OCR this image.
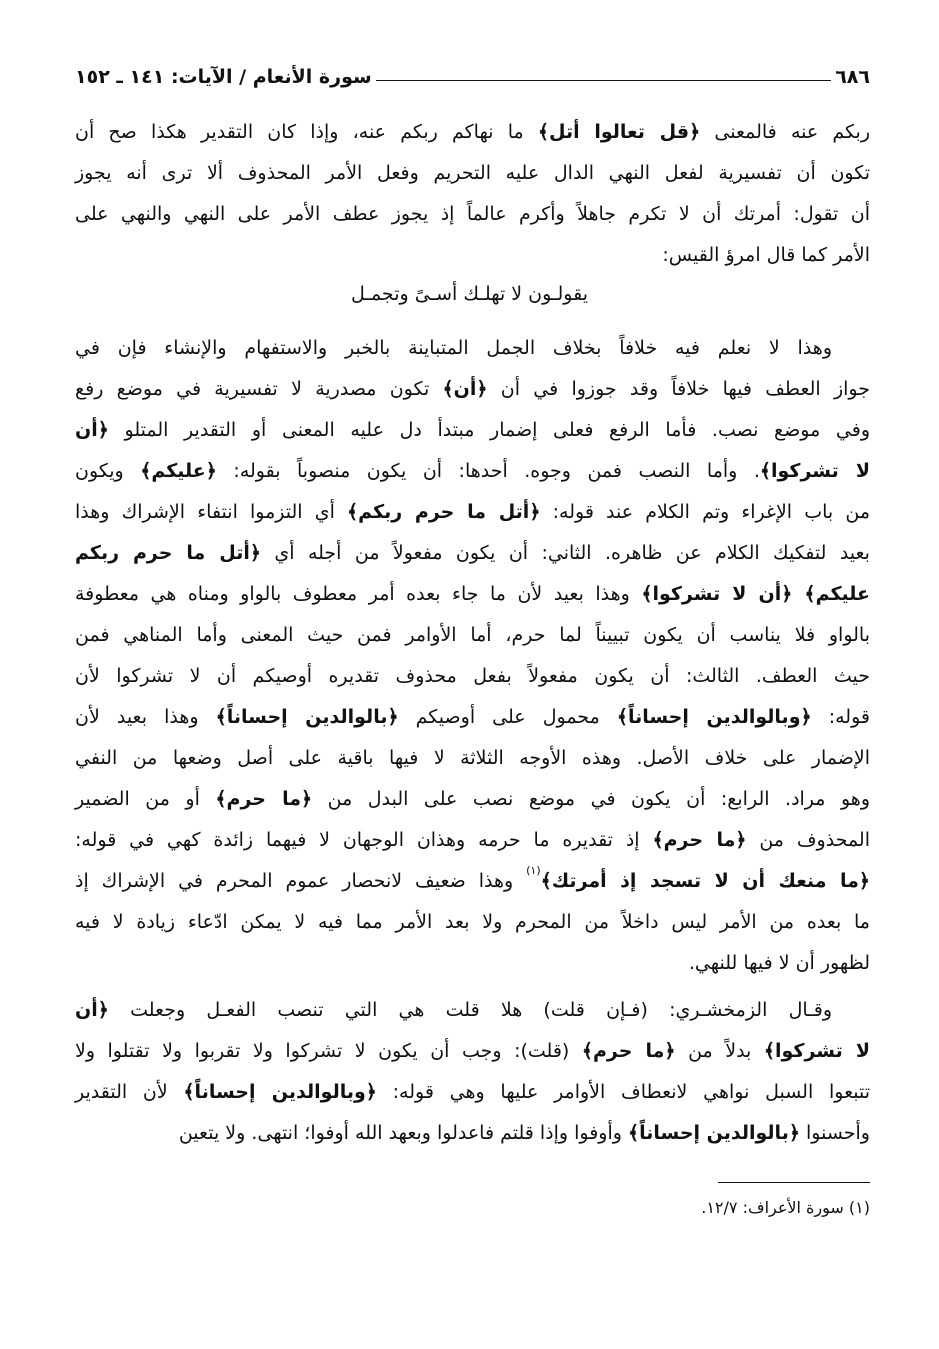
٦٨٦
سورة الأنعام / الآيات: ١٤١ ـ ١٥٢
ربكم عنه فالمعنى ﴿قل تعالوا أتل﴾ ما نهاكم ربكم عنه، وإذا كان التقدير هكذا صح أن
تكون أن تفسيرية لفعل النهي الدال عليه التحريم وفعل الأمر المحذوف ألا ترى أنه يجوز
أن تقول: أمرتك أن لا تكرم جاهلاً وأكرم عالماً إذ يجوز عطف الأمر على النهي والنهي على
الأمر كما قال امرؤ القيس:
يقولـون لا تهلـك أسـىً وتجمـل
وهذا لا نعلم فيه خلافاً بخلاف الجمل المتباينة بالخبر والاستفهام والإنشاء فإن في
جواز العطف فيها خلافاً وقد جوزوا في أن ﴿أن﴾ تكون مصدرية لا تفسيرية في موضع رفع
وفي موضع نصب. فأما الرفع فعلى إضمار مبتدأ دل عليه المعنى أو التقدير المتلو ﴿أن
لا تشركوا﴾. وأما النصب فمن وجوه. أحدها: أن يكون منصوباً بقوله: ﴿عليكم﴾ ويكون
من باب الإغراء وتم الكلام عند قوله: ﴿أتل ما حرم ربكم﴾ أي التزموا انتفاء الإشراك وهذا
بعيد لتفكيك الكلام عن ظاهره. الثاني: أن يكون مفعولاً من أجله أي ﴿أتل ما حرم ربكم
عليكم﴾ ﴿أن لا تشركوا﴾ وهذا بعيد لأن ما جاء بعده أمر معطوف بالواو ومناه هي معطوفة
بالواو فلا يناسب أن يكون تبييناً لما حرم، أما الأوامر فمن حيث المعنى وأما المناهي فمن
حيث العطف. الثالث: أن يكون مفعولاً بفعل محذوف تقديره أوصيكم أن لا تشركوا لأن
قوله: ﴿وبالوالدين إحساناً﴾ محمول على أوصيكم ﴿بالوالدين إحساناً﴾ وهذا بعيد لأن
الإضمار على خلاف الأصل. وهذه الأوجه الثلاثة لا فيها باقية على أصل وضعها من النفي
وهو مراد. الرابع: أن يكون في موضع نصب على البدل من ﴿ما حرم﴾ أو من الضمير
المحذوف من ﴿ما حرم﴾ إذ تقديره ما حرمه وهذان الوجهان لا فيهما زائدة كهي في قوله:
﴿ما منعك أن لا تسجد إذ أمرتك﴾$^{(١)}$ وهذا ضعيف لانحصار عموم المحرم في الإشراك إذ
ما بعده من الأمر ليس داخلاً من المحرم ولا بعد الأمر مما فيه لا يمكن ادّعاء زيادة لا فيه
لظهور أن لا فيها للنهي.
وقـال الزمخشـري: (فـإن قلت) هلا قلت هي التي تنصب الفعـل وجعلت ﴿أن
لا تشركوا﴾ بدلاً من ﴿ما حرم﴾ (قلت): وجب أن يكون لا تشركوا ولا تقربوا ولا تقتلوا ولا
تتبعوا السبل نواهي لانعطاف الأوامر عليها وهي قوله: ﴿وبالوالدين إحساناً﴾ لأن التقدير
وأحسنوا ﴿بالوالدين إحساناً﴾ وأوفوا وإذا قلتم فاعدلوا وبعهد الله أوفوا؛ انتهى. ولا يتعين
(١) سورة الأعراف: ١٢/٧.
